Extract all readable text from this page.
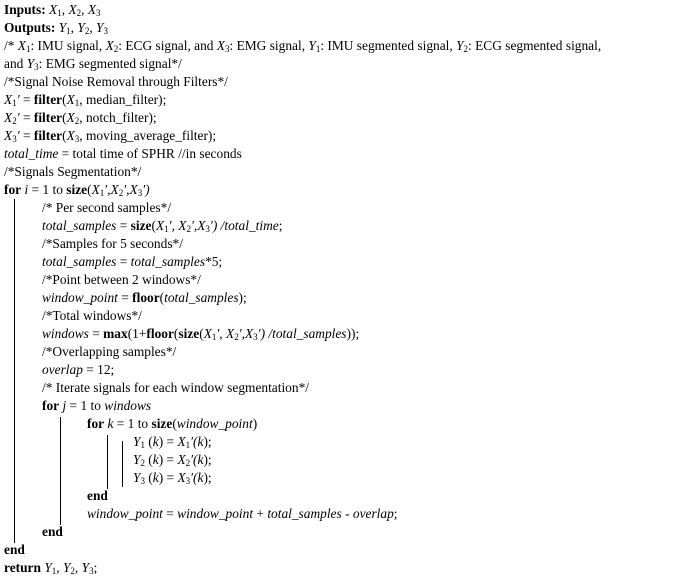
Inputs: $X_1$, $X_2$, $X_3$
Outputs: $Y_1$, $Y_2$, $Y_3$
/* $X_1$: IMU signal, $X_2$: ECG signal, and $X_3$: EMG signal, $Y_1$: IMU segmented signal, $Y_2$: ECG segmented signal,
and $Y_3$: EMG segmented signal*/
/*Signal Noise Removal through Filters*/
$X_1'$ = $filter(X_1$, median_filter);
$X_2'$ = $filter(X_2$, notch_filter);
$X_3'$ = $filter(X_3$, moving_average_filter);
total_time = total time of SPHR //in seconds
/*Signals Segmentation*/
for i = 1 to $size(X_1',X_2',X_3')$
/* Per second samples*/
total_samples = $size(X_1'$, $X_2',X_3'$) /total_time;
/*Samples for 5 seconds*/
total_samples = total_samples*5;
/*Point between 2 windows*/
window_point = floor(total_samples);
/*Total windows*/
windows = $\max(1+floor(size(X_1'$, $X_2',X_3'$) /total_samples));
/*Overlapping samples*/
overlap = 12;
/* Iterate signals for each window segmentation*/
for j = 1 to windows
for k = 1 to size(window_point)
$Y_1$ $(k) = X_1'(k)$;
$Y_2$ $(k) = X_2'(k)$;
$Y_3$ $(k) = X_3'(k)$;
end
window_point = window_point + total_samples - overlap;
end
end
return $Y_1$, $Y_2$, $Y_3$;
